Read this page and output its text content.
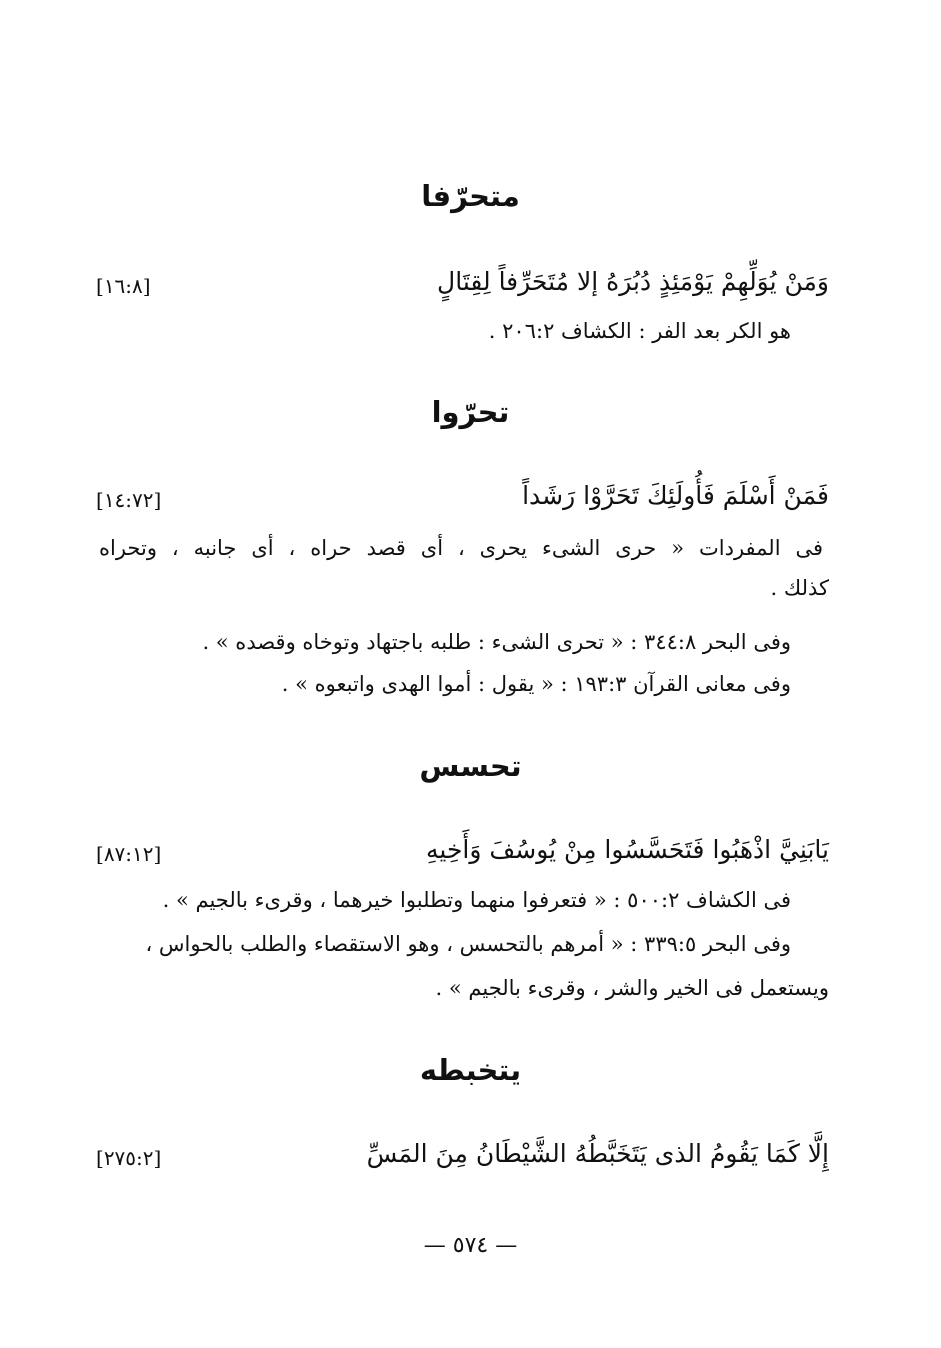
متحرّفا
وَمَنْ يُوَلِّهِمْ يَوْمَئِذٍ دُبُرَهُ إلا مُتَحَرِّفاً لِقِتَالٍ
[١٦:٨]
هو الكر بعد الفر : الكشاف ٢٠٦:٢ .
تحرّوا
فَمَنْ أَسْلَمَ فَأُولَئِكَ تَحَرَّوْا رَشَداً
[١٤:٧٢]
فى المفردات « حرى الشىء يحرى ، أى قصد حراه ، أى جانبه ، وتحراه
كذلك .
وفى البحر ٣٤٤:٨ : « تحرى الشىء : طلبه باجتهاد وتوخاه وقصده » .
وفى معانى القرآن ١٩٣:٣ : « يقول : أموا الهدى واتبعوه » .
تحسس
يَابَنِيَّ اذْهَبُوا فَتَحَسَّسُوا مِنْ يُوسُفَ وَأَخِيهِ
[٨٧:١٢]
فى الكشاف ٥٠٠:٢ : « فتعرفوا منهما وتطلبوا خيرهما ، وقرىء بالجيم » .
وفى البحر ٣٣٩:٥ : « أمرهم بالتحسس ، وهو الاستقصاء والطلب بالحواس ،
ويستعمل فى الخير والشر ، وقرىء بالجيم » .
يتخبطه
إِلَّا كَمَا يَقُومُ الذى يَتَخَبَّطُهُ الشَّيْطَانُ مِنَ المَسِّ
[٢٧٥:٢]
— ٥٧٤ —
